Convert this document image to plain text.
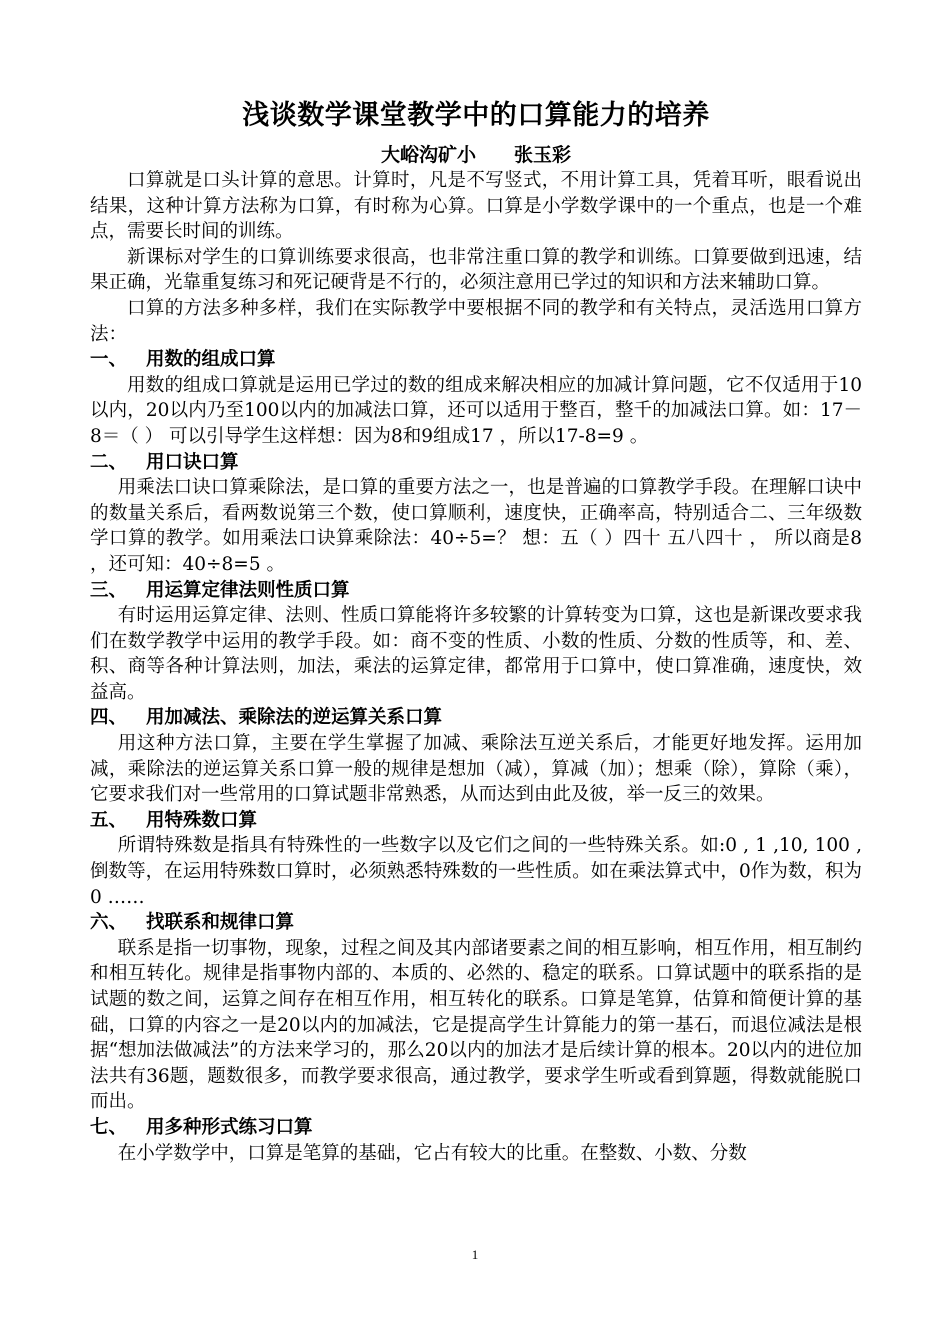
浅谈数学课堂教学中的口算能力的培养
大峪沟矿小 张玉彩

口算就是口头计算的意思。计算时，凡是不写竖式，不用计算工具，凭着耳听，眼看说出结果，这种计算方法称为口算，有时称为心算。口算是小学数学课中的一个重点，也是一个难点，需要长时间的训练。

新课标对学生的口算训练要求很高，也非常注重口算的教学和训练。口算要做到迅速，结果正确，光靠重复练习和死记硬背是不行的，必须注意用已学过的知识和方法来辅助口算。

口算的方法多种多样，我们在实际教学中要根据不同的教学和有关特点，灵活选用口算方法：

一、	用数的组成口算

用数的组成口算就是运用已学过的数的组成来解决相应的加减计算问题，它不仅适用于10以内，20以内乃至100以内的加减法口算，还可以适用于整百，整千的加减法口算。如：17－8＝（ ） 可以引导学生这样想：因为8和9组成17 ，所以17-8=9 。

二、	用口诀口算

用乘法口诀口算乘除法，是口算的重要方法之一，也是普遍的口算教学手段。在理解口诀中的数量关系后，看两数说第三个数，使口算顺利，速度快，正确率高，特别适合二、三年级数学口算的教学。如用乘法口诀算乘除法：40÷5=？ 想：五（ ）四十 五八四十 ， 所以商是8 ，还可知：40÷8=5 。

三、	用运算定律法则性质口算

有时运用运算定律、法则、性质口算能将许多较繁的计算转变为口算，这也是新课改要求我们在数学教学中运用的教学手段。如：商不变的性质、小数的性质、分数的性质等，和、差、积、商等各种计算法则，加法，乘法的运算定律，都常用于口算中，使口算准确，速度快，效益高。

四、	用加减法、乘除法的逆运算关系口算

用这种方法口算，主要在学生掌握了加减、乘除法互逆关系后，才能更好地发挥。运用加减，乘除法的逆运算关系口算一般的规律是想加（减），算减（加）；想乘（除），算除（乘），它要求我们对一些常用的口算试题非常熟悉，从而达到由此及彼，举一反三的效果。

五、	用特殊数口算

所谓特殊数是指具有特殊性的一些数字以及它们之间的一些特殊关系。如:0 , 1 ,10, 100 ,倒数等，在运用特殊数口算时，必须熟悉特殊数的一些性质。如在乘法算式中，0作为数，积为0 ……

六、	找联系和规律口算

联系是指一切事物，现象，过程之间及其内部诸要素之间的相互影响，相互作用，相互制约和相互转化。规律是指事物内部的、本质的、必然的、稳定的联系。口算试题中的联系指的是试题的数之间，运算之间存在相互作用，相互转化的联系。口算是笔算，估算和简便计算的基础，口算的内容之一是20以内的加减法，它是提高学生计算能力的第一基石，而退位减法是根据“想加法做减法”的方法来学习的，那么20以内的加法才是后续计算的根本。20以内的进位加法共有36题，题数很多，而教学要求很高，通过教学，要求学生听或看到算题，得数就能脱口而出。

七、	用多种形式练习口算

在小学数学中，口算是笔算的基础，它占有较大的比重。在整数、小数、分数

1
